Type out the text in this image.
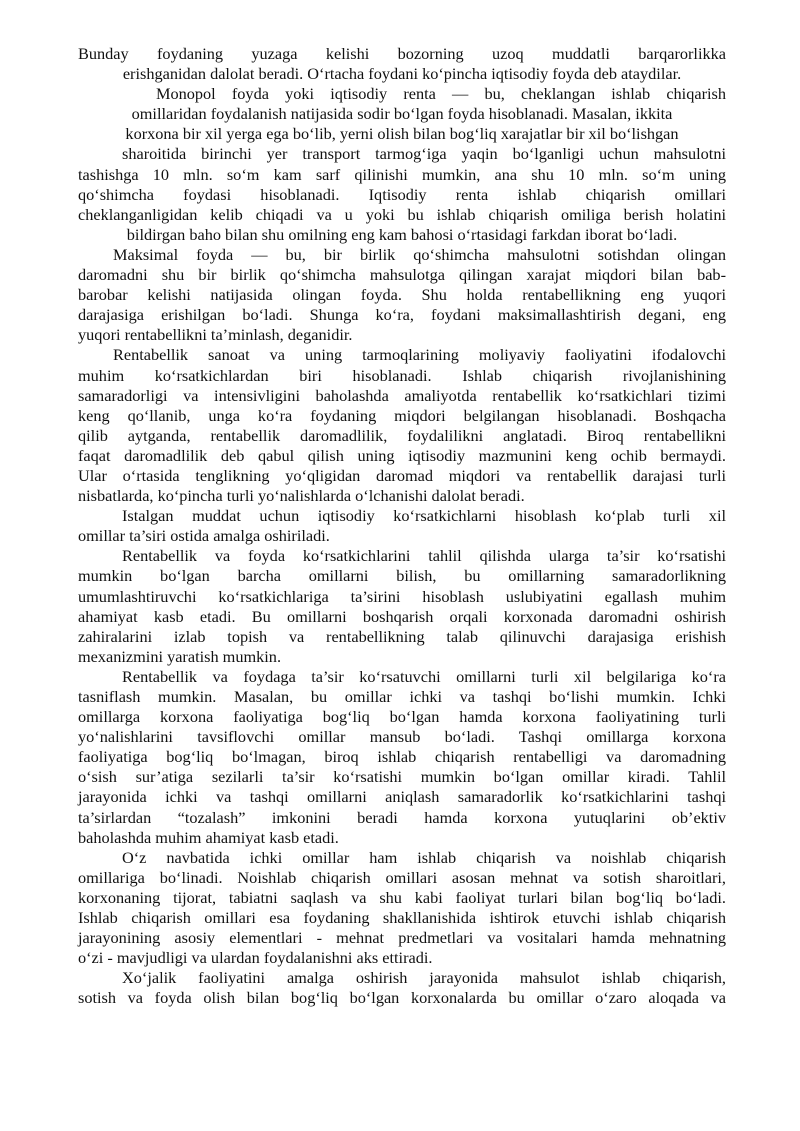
Bunday foydaning yuzaga kelishi bozorning uzoq muddatli barqarorlikka
erishganidan dalolat beradi. O‘rtacha foydani ko‘pincha iqtisodiy foyda deb ataydilar.
Monopol foyda yoki iqtisodiy renta — bu, cheklangan ishlab chiqarish
omillaridan foydalanish natijasida sodir bo‘lgan foyda hisoblanadi. Masalan, ikkita
korxona bir xil yerga ega bo‘lib, yerni olish bilan bog‘liq xarajatlar bir xil bo‘lishgan
sharoitida birinchi yer transport tarmog‘iga yaqin bo‘lganligi uchun mahsulotni
tashishga 10 mln. so‘m kam sarf qilinishi mumkin, ana shu 10 mln. so‘m uning
qo‘shimcha foydasi hisoblanadi. Iqtisodiy renta ishlab chiqarish omillari
cheklanganligidan kelib chiqadi va u yoki bu ishlab chiqarish omiliga berish holatini
bildirgan baho bilan shu omilning eng kam bahosi o‘rtasidagi farkdan iborat bo‘ladi.
Maksimal foyda — bu, bir birlik qo‘shimcha mahsulotni sotishdan olingan
daromadni shu bir birlik qo‘shimcha mahsulotga qilingan xarajat miqdori bilan bab-
barobar kelishi natijasida olingan foyda. Shu holda rentabellikning eng yuqori
darajasiga erishilgan bo‘ladi. Shunga ko‘ra, foydani maksimallashtirish degani, eng
yuqori rentabellikni ta’minlash, deganidir.
Rentabellik sanoat va uning tarmoqlarining moliyaviy faoliyatini ifodalovchi
muhim ko‘rsatkichlardan biri hisoblanadi. Ishlab chiqarish rivojlanishining
samaradorligi va intensivligini baholashda amaliyotda rentabellik ko‘rsatkichlari tizimi
keng qo‘llanib, unga ko‘ra foydaning miqdori belgilangan hisoblanadi. Boshqacha
qilib aytganda, rentabellik daromadlilik, foydalilikni anglatadi. Biroq rentabellikni
faqat daromadlilik deb qabul qilish uning iqtisodiy mazmunini keng ochib bermaydi.
Ular o‘rtasida tenglikning yo‘qligidan daromad miqdori va rentabellik darajasi turli
nisbatlarda, ko‘pincha turli yo‘nalishlarda o‘lchanishi dalolat beradi.
Istalgan muddat uchun iqtisodiy ko‘rsatkichlarni hisoblash ko‘plab turli xil
omillar ta’siri ostida amalga oshiriladi.
Rentabellik va foyda ko‘rsatkichlarini tahlil qilishda ularga ta’sir ko‘rsatishi
mumkin bo‘lgan barcha omillarni bilish, bu omillarning samaradorlikning
umumlashtiruvchi ko‘rsatkichlariga ta’sirini hisoblash uslubiyatini egallash muhim
ahamiyat kasb etadi. Bu omillarni boshqarish orqali korxonada daromadni oshirish
zahiralarini izlab topish va rentabellikning talab qilinuvchi darajasiga erishish
mexanizmini yaratish mumkin.
Rentabellik va foydaga ta’sir ko‘rsatuvchi omillarni turli xil belgilariga ko‘ra
tasniflash mumkin. Masalan, bu omillar ichki va tashqi bo‘lishi mumkin. Ichki
omillarga korxona faoliyatiga bog‘liq bo‘lgan hamda korxona faoliyatining turli
yo‘nalishlarini tavsiflovchi omillar mansub bo‘ladi. Tashqi omillarga korxona
faoliyatiga bog‘liq bo‘lmagan, biroq ishlab chiqarish rentabelligi va daromadning
o‘sish sur’atiga sezilarli ta’sir ko‘rsatishi mumkin bo‘lgan omillar kiradi. Tahlil
jarayonida ichki va tashqi omillarni aniqlash samaradorlik ko‘rsatkichlarini tashqi
ta’sirlardan “tozalash” imkonini beradi hamda korxona yutuqlarini ob’ektiv
baholashda muhim ahamiyat kasb etadi.
O‘z navbatida ichki omillar ham ishlab chiqarish va noishlab chiqarish
omillariga bo‘linadi. Noishlab chiqarish omillari asosan mehnat va sotish sharoitlari,
korxonaning tijorat, tabiatni saqlash va shu kabi faoliyat turlari bilan bog‘liq bo‘ladi.
Ishlab chiqarish omillari esa foydaning shakllanishida ishtirok etuvchi ishlab chiqarish
jarayonining asosiy elementlari - mehnat predmetlari va vositalari hamda mehnatning
o‘zi - mavjudligi va ulardan foydalanishni aks ettiradi.
Xo‘jalik faoliyatini amalga oshirish jarayonida mahsulot ishlab chiqarish,
sotish va foyda olish bilan bog‘liq bo‘lgan korxonalarda bu omillar o‘zaro aloqada va
